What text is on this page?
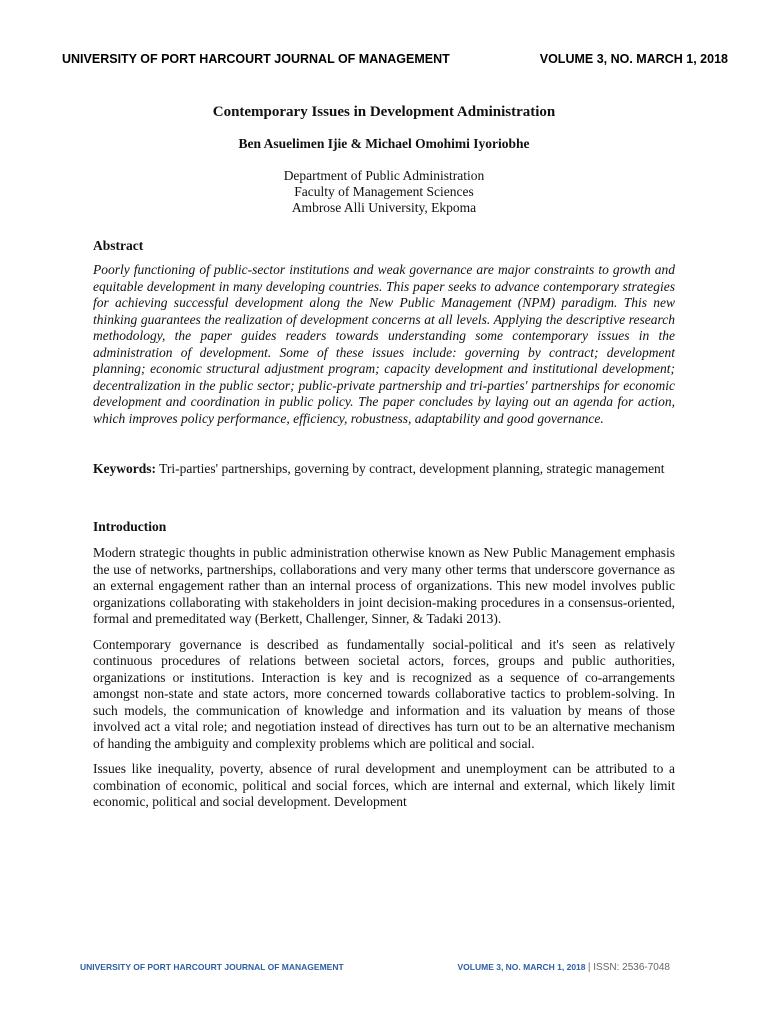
UNIVERSITY OF PORT HARCOURT JOURNAL OF MANAGEMENT	VOLUME 3, NO. MARCH 1, 2018
Contemporary Issues in Development Administration
Ben Asuelimen Ijie & Michael Omohimi Iyoriobhe
Department of Public Administration
Faculty of Management Sciences
Ambrose Alli University, Ekpoma
Abstract
Poorly functioning of public-sector institutions and weak governance are major constraints to growth and equitable development in many developing countries. This paper seeks to advance contemporary strategies for achieving successful development along the New Public Management (NPM) paradigm. This new thinking guarantees the realization of development concerns at all levels. Applying the descriptive research methodology, the paper guides readers towards understanding some contemporary issues in the administration of development. Some of these issues include: governing by contract; development planning; economic structural adjustment program; capacity development and institutional development; decentralization in the public sector; public-private partnership and tri-parties' partnerships for economic development and coordination in public policy. The paper concludes by laying out an agenda for action, which improves policy performance, efficiency, robustness, adaptability and good governance.
Keywords: Tri-parties' partnerships, governing by contract, development planning, strategic management
Introduction
Modern strategic thoughts in public administration otherwise known as New Public Management emphasis the use of networks, partnerships, collaborations and very many other terms that underscore governance as an external engagement rather than an internal process of organizations. This new model involves public organizations collaborating with stakeholders in joint decision-making procedures in a consensus-oriented, formal and premeditated way (Berkett, Challenger, Sinner, & Tadaki 2013).
Contemporary governance is described as fundamentally social-political and it's seen as relatively continuous procedures of relations between societal actors, forces, groups and public authorities, organizations or institutions. Interaction is key and is recognized as a sequence of co-arrangements amongst non-state and state actors, more concerned towards collaborative tactics to problem-solving. In such models, the communication of knowledge and information and its valuation by means of those involved act a vital role; and negotiation instead of directives has turn out to be an alternative mechanism of handing the ambiguity and complexity problems which are political and social.
Issues like inequality, poverty, absence of rural development and unemployment can be attributed to a combination of economic, political and social forces, which are internal and external, which likely limit economic, political and social development. Development
UNIVERSITY OF PORT HARCOURT JOURNAL OF MANAGEMENT	VOLUME 3, NO. MARCH 1, 2018 | ISSN: 2536-7048
